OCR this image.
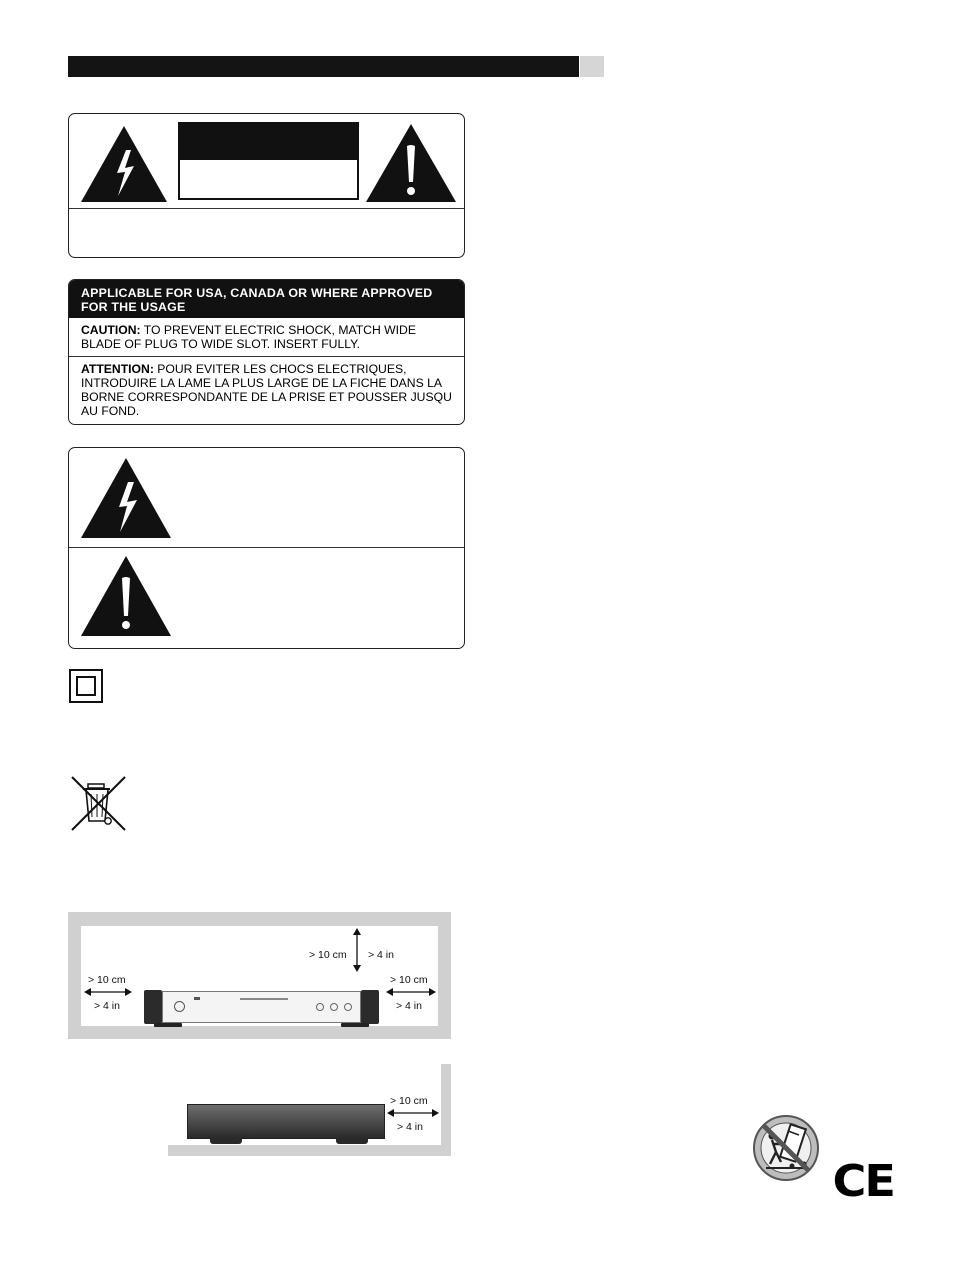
APPLICABLE FOR USA, CANADA OR WHERE APPROVED FOR THE USAGE
CAUTION: TO PREVENT ELECTRIC SHOCK, MATCH WIDE BLADE OF PLUG TO WIDE SLOT. INSERT FULLY.
ATTENTION: POUR EVITER LES CHOCS ELECTRIQUES, INTRODUIRE LA LAME LA PLUS LARGE DE LA FICHE DANS LA BORNE CORRESPONDANTE DE LA PRISE ET POUSSER JUSQU AU FOND.
> 10 cm > 4 in
> 10 cm
> 4 in
> 10 cm
> 4 in
> 10 cm
> 4 in
CE
